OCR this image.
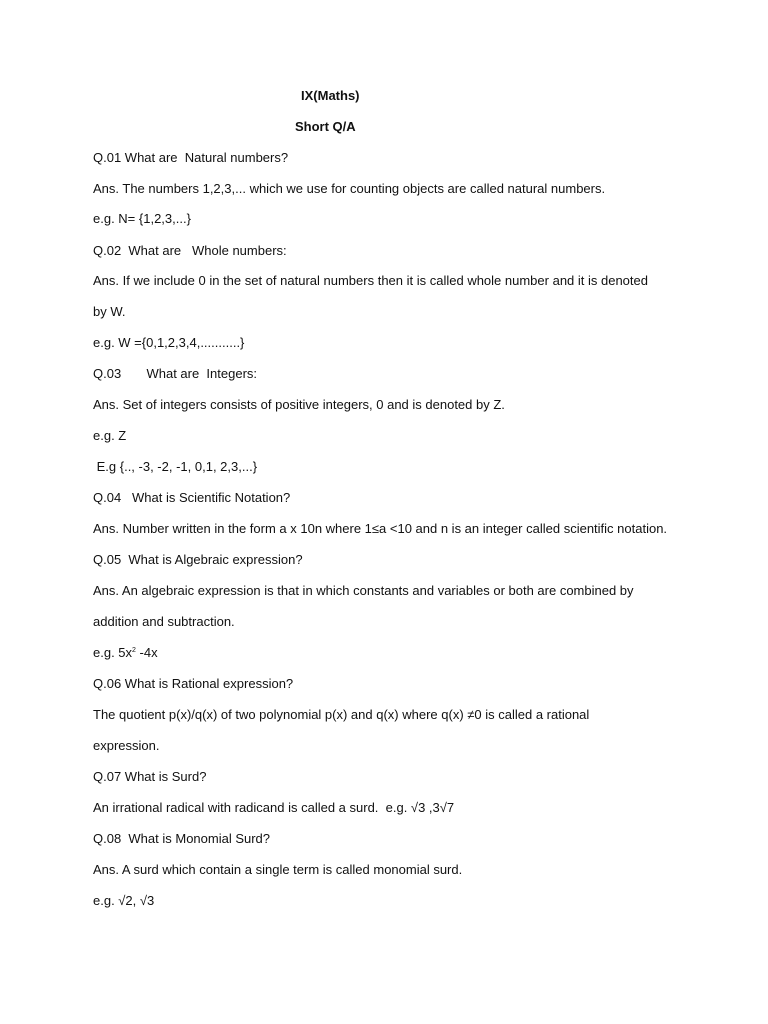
IX(Maths)
Short Q/A
Q.01 What are  Natural numbers?
Ans. The numbers 1,2,3,... which we use for counting objects are called natural numbers.
e.g. N= {1,2,3,...}
Q.02  What are   Whole numbers:
Ans. If we include 0 in the set of natural numbers then it is called whole number and it is denoted
by W.
e.g. W ={0,1,2,3,4,...........}
Q.03       What are  Integers:
Ans. Set of integers consists of positive integers, 0 and is denoted by Z.
e.g. Z
E.g {.., -3, -2, -1, 0,1, 2,3,...}
Q.04   What is Scientific Notation?
Ans. Number written in the form a x 10n where 1≤a <10 and n is an integer called scientific notation.
Q.05  What is Algebraic expression?
Ans. An algebraic expression is that in which constants and variables or both are combined by
addition and subtraction.
e.g. $5x^2$ -4x
Q.06 What is Rational expression?
The quotient p(x)/q(x) of two polynomial p(x) and q(x) where q(x) ≠0 is called a rational
expression.
Q.07 What is Surd?
An irrational radical with radicand is called a surd.  e.g. √3 ,3√7
Q.08  What is Monomial Surd?
Ans. A surd which contain a single term is called monomial surd.
e.g. √2, √3
